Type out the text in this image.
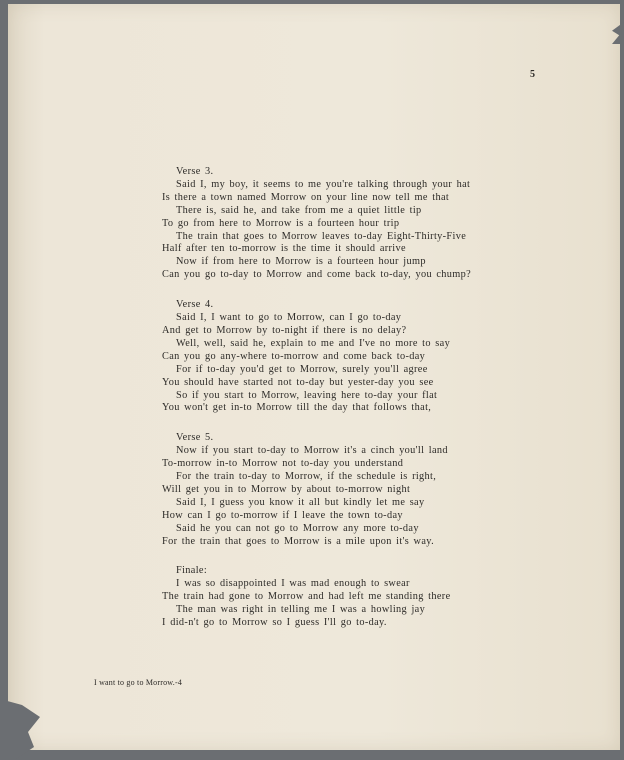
5
Verse 3.
Said I, my boy, it seems to me you're talking through your hat
Is there a town named Morrow on your line now tell me that
There is, said he, and take from me a quiet little tip
To go from here to Morrow is a fourteen hour trip
The train that goes to Morrow leaves to-day Eight-Thirty-Five
Half after ten to-morrow is the time it should arrive
Now if from here to Morrow is a fourteen hour jump
Can you go to-day to Morrow and come back to-day, you chump?
Verse 4.
Said I, I want to go to Morrow, can I go to-day
And get to Morrow by to-night if there is no delay?
Well, well, said he, explain to me and I've no more to say
Can you go any-where to-morrow and come back to-day
For if to-day you'd get to Morrow, surely you'll agree
You should have started not to-day but yester-day you see
So if you start to Morrow, leaving here to-day your flat
You won't get in-to Morrow till the day that follows that,
Verse 5.
Now if you start to-day to Morrow it's a cinch you'll land
To-morrow in-to Morrow not to-day you understand
For the train to-day to Morrow, if the schedule is right,
Will get you in to Morrow by about to-morrow night
Said I, I guess you know it all but kindly let me say
How can I go to-morrow if I leave the town to-day
Said he you can not go to Morrow any more to-day
For the train that goes to Morrow is a mile upon it's way.
Finale:
I was so disappointed I was mad enough to swear
The train had gone to Morrow and had left me standing there
The man was right in telling me I was a howling jay
I did-n't go to Morrow so I guess I'll go to-day.
I want to go to Morrow.-4
